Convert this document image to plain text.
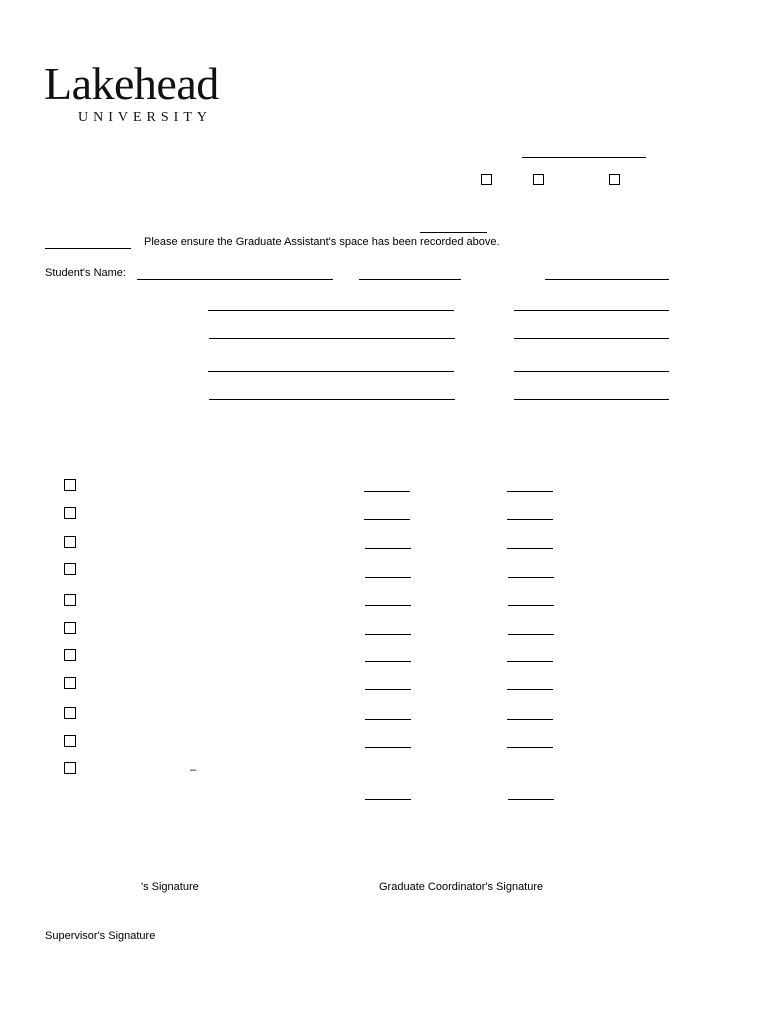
Lakehead
UNIVERSITY
Please ensure the Graduate Assistant's space has been recorded above.
Student's Name:
–
's Signature	Graduate Coordinator's Signature
Supervisor's Signature
